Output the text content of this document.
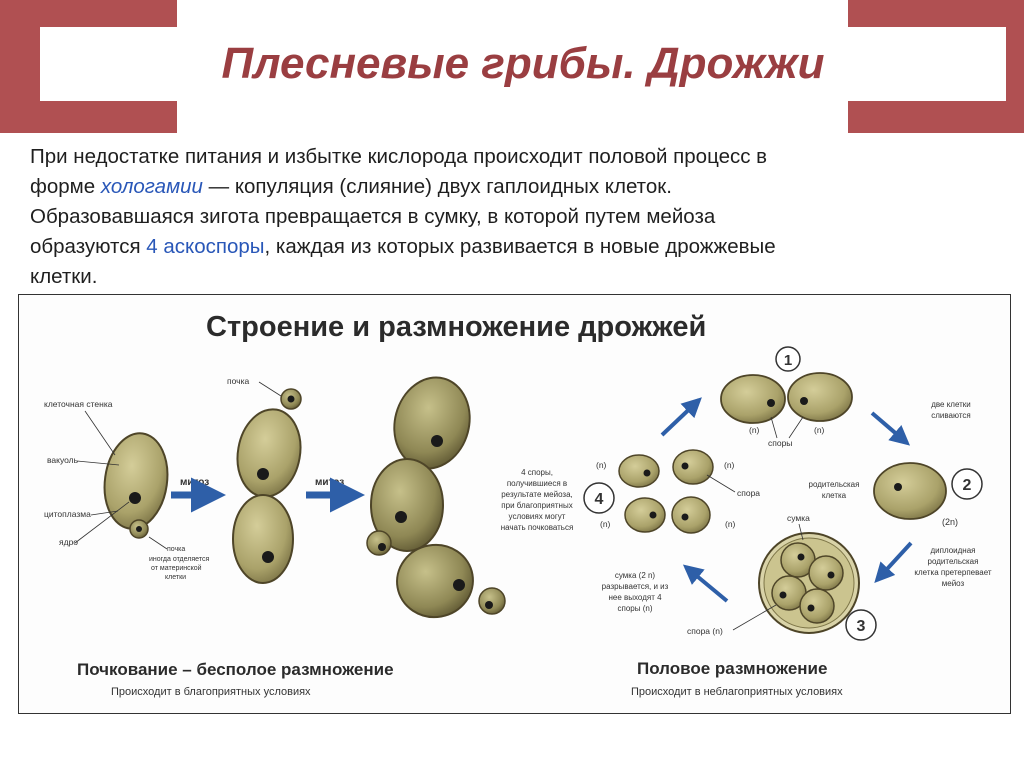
Плесневые грибы. Дрожжи
При недостатке питания и избытке кислорода происходит половой процесс в
форме хологамии — копуляция (слияние) двух гаплоидных клеток.
Образовавшаяся зигота превращается в сумку, в которой путем мейоза
образуются 4 аскоспоры, каждая из которых развивается в новые дрожжевые
клетки.
Строение и размножение дрожжей
клеточная стенка
вакуоль
цитоплазма
ядро
почка
иногда отделяется
от материнской
клетки
митоз
почка
митоз
4 споры,
получившиеся в
результате мейоза,
при благоприятных
условиях могут
начать почковаться
Почкование – бесполое размножение
Происходит в благоприятных условиях
1
(n)	(n)
споры
две клетки
сливаются
2
(2n)
родительская
клетка
диплоидная
родительская
клетка претерпевает
мейоз
3
сумка
спора (n)
сумка (2 n)
разрывается, и из
нее выходят 4
споры (n)
4
(n)	(n)
(n)	(n)
спора
Половое размножение
Происходит в неблагоприятных условиях
